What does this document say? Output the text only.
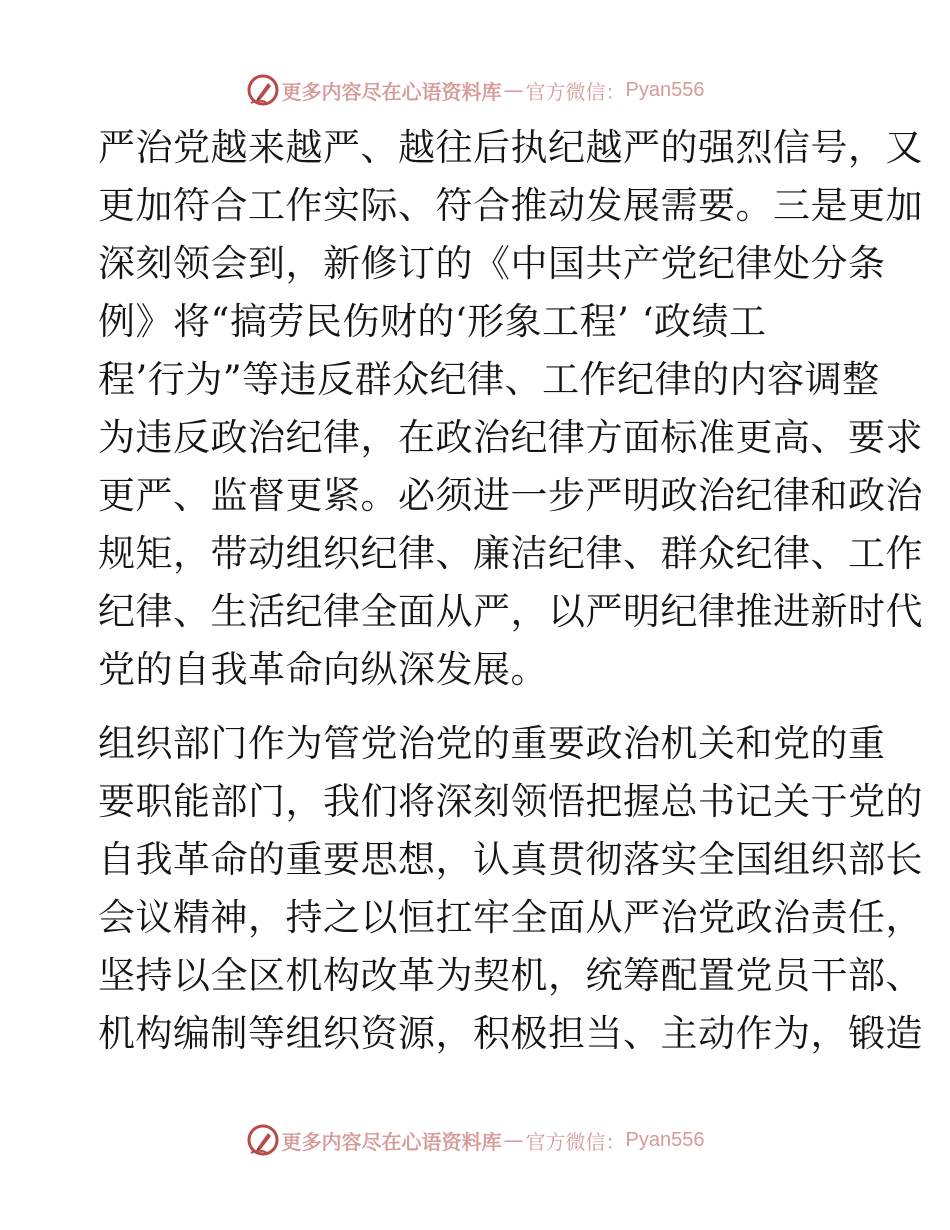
更多内容尽在心语资料库 — 官方微信： Pyan556
严治党越来越严、越往后执纪越严的强烈信号，又
更加符合工作实际、符合推动发展需要。三是更加
深刻领会到，新修订的《中国共产党纪律处分条
例》将“搞劳民伤财的‘形象工程’ ‘政绩工
程’行为”等违反群众纪律、工作纪律的内容调整
为违反政治纪律，在政治纪律方面标准更高、要求
更严、监督更紧。必须进一步严明政治纪律和政治
规矩，带动组织纪律、廉洁纪律、群众纪律、工作
纪律、生活纪律全面从严，以严明纪律推进新时代
党的自我革命向纵深发展。
组织部门作为管党治党的重要政治机关和党的重
要职能部门，我们将深刻领悟把握总书记关于党的
自我革命的重要思想，认真贯彻落实全国组织部长
会议精神，持之以恒扛牢全面从严治党政治责任，
坚持以全区机构改革为契机，统筹配置党员干部、
机构编制等组织资源，积极担当、主动作为，锻造
更多内容尽在心语资料库 — 官方微信： Pyan556
